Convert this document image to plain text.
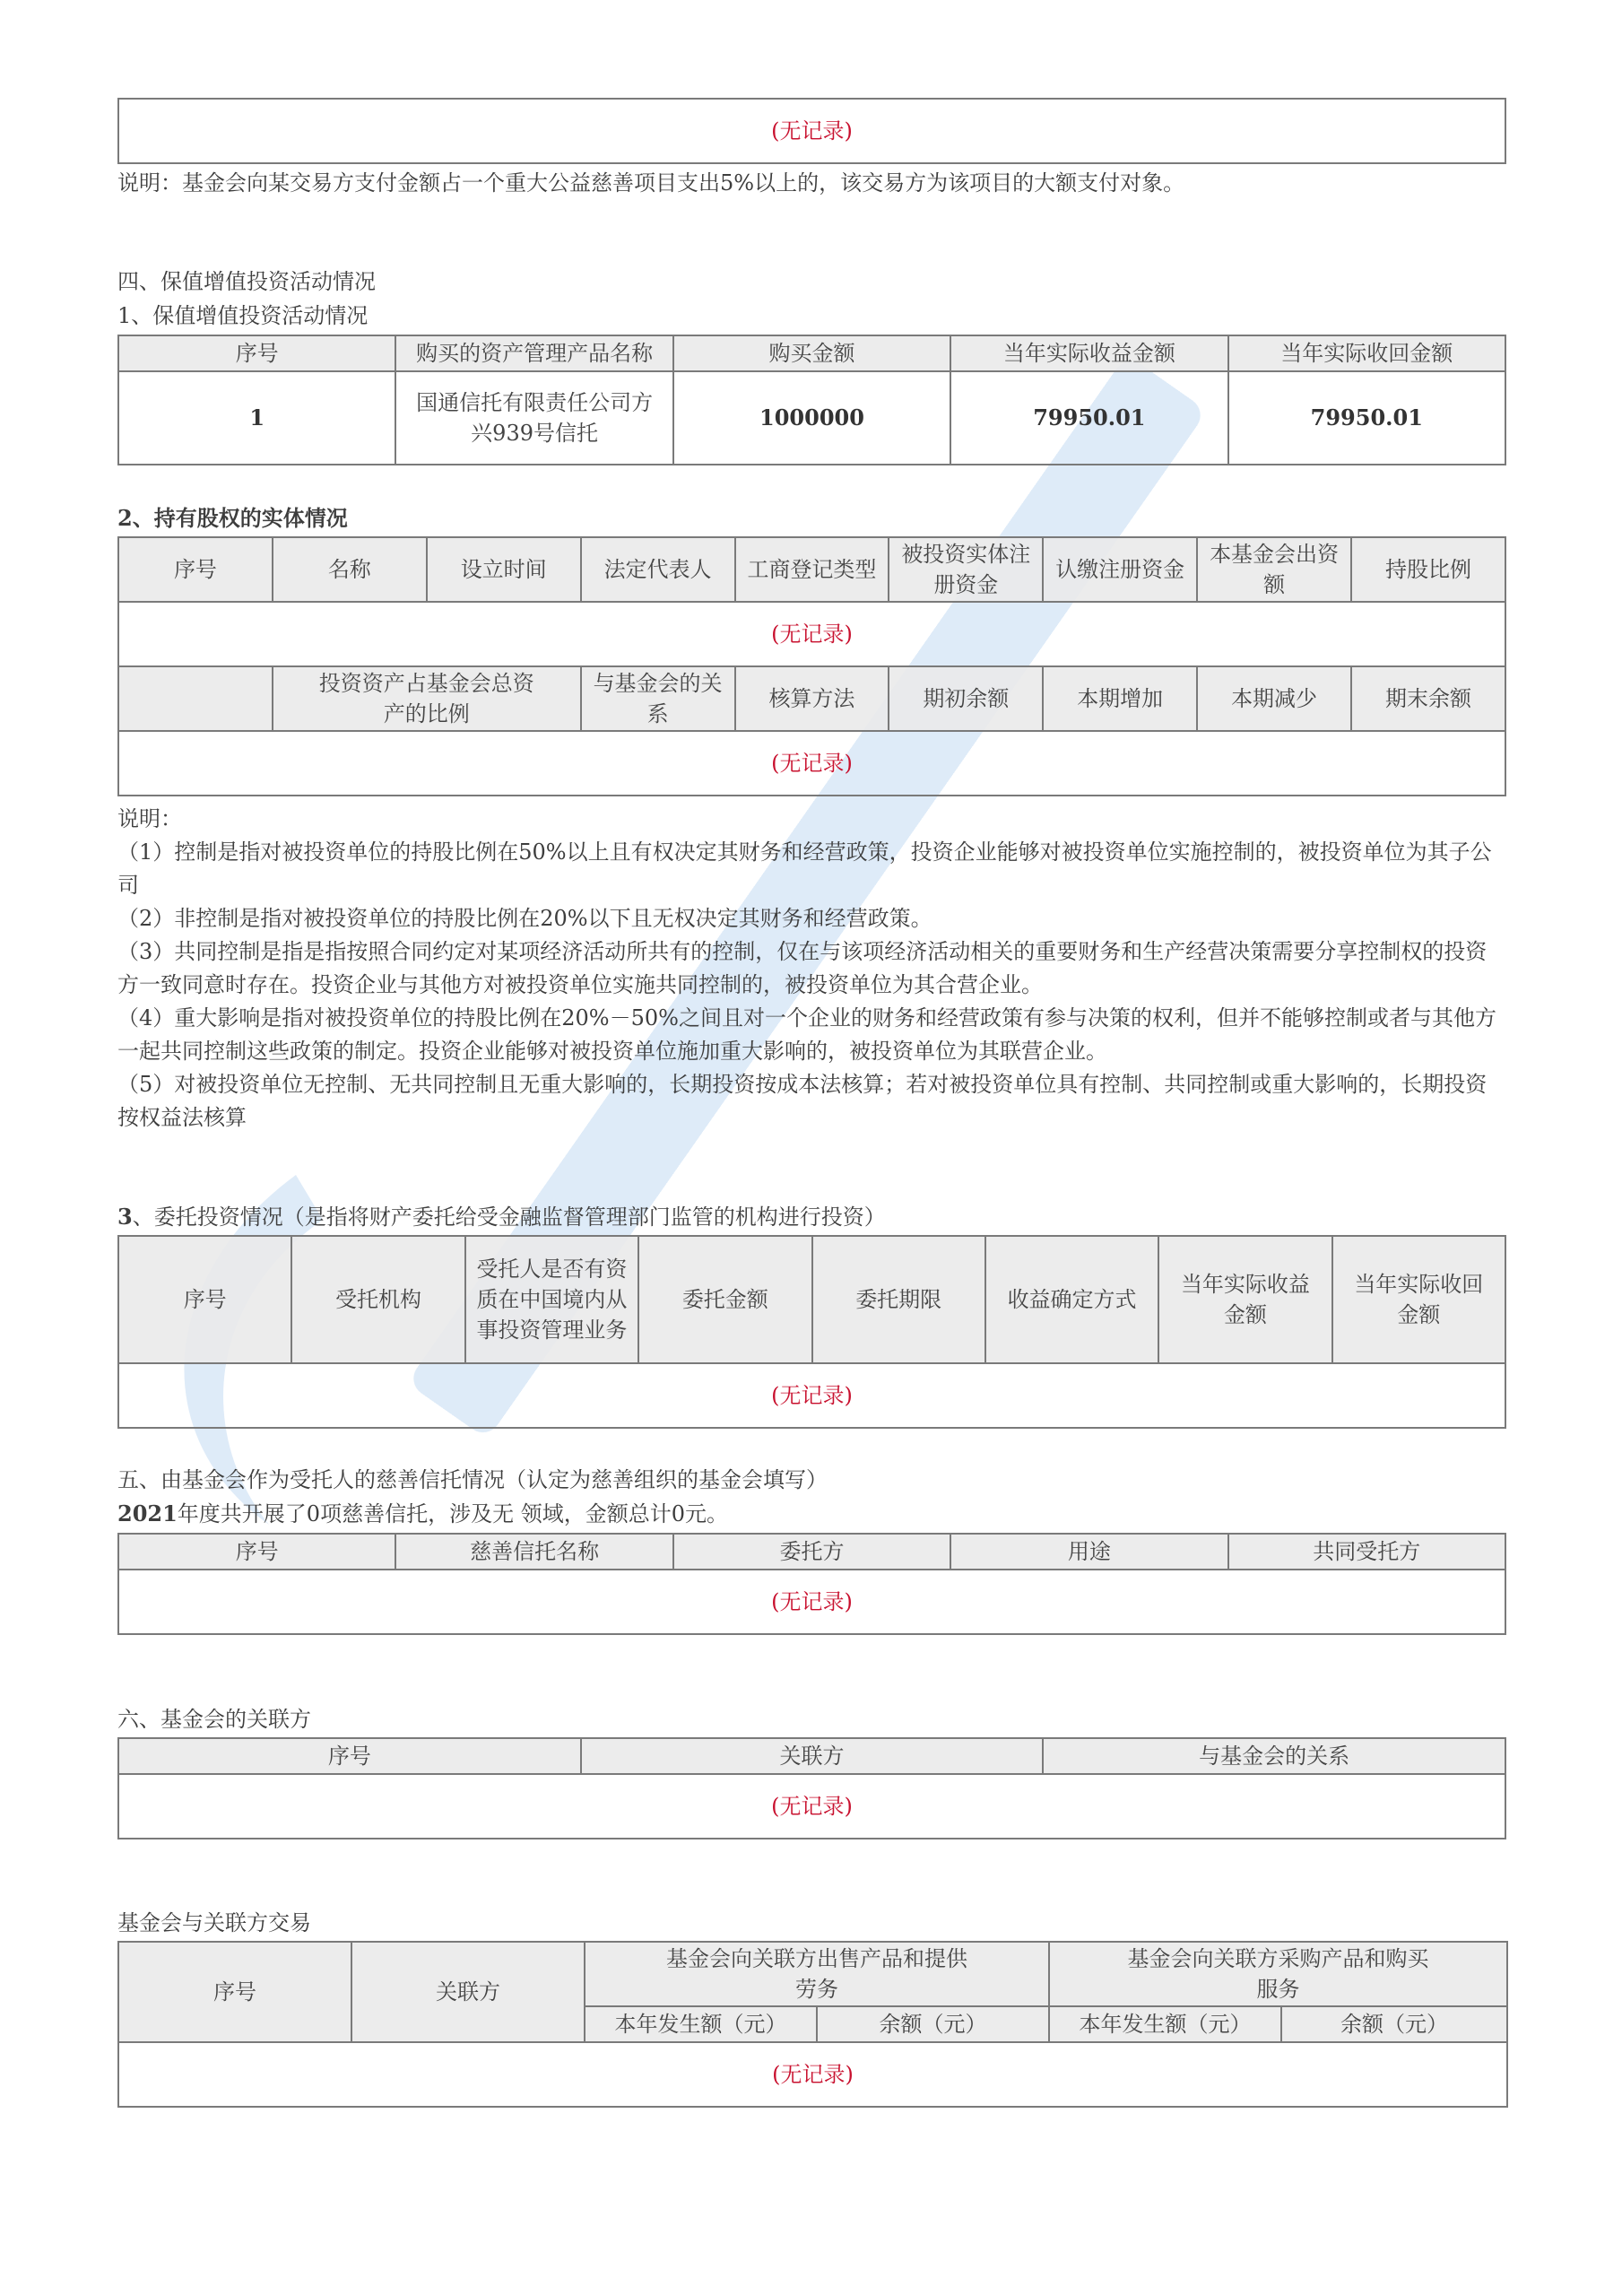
(无记录)
说明：基金会向某交易方支付金额占一个重大公益慈善项目支出5%以上的，该交易方为该项目的大额支付对象。
四、保值增值投资活动情况
1、保值增值投资活动情况
序号	购买的资产管理产品名称	购买金额	当年实际收益金额	当年实际收回金额
1	国通信托有限责任公司方兴939号信托	1000000	79950.01	79950.01
2、持有股权的实体情况
序号	名称	设立时间	法定代表人	工商登记类型	被投资实体注册资金	认缴注册资金	本基金会出资额	持股比例
(无记录)								
	投资资产占基金会总资产的比例		与基金会的关系	核算方法	期初余额	本期增加	本期减少	期末余额
(无记录)								
说明：
（1）控制是指对被投资单位的持股比例在50%以上且有权决定其财务和经营政策，投资企业能够对被投资单位实施控制的，被投资单位为其子公司
（2）非控制是指对被投资单位的持股比例在20%以下且无权决定其财务和经营政策。
（3）共同控制是指是指按照合同约定对某项经济活动所共有的控制，仅在与该项经济活动相关的重要财务和生产经营决策需要分享控制权的投资方一致同意时存在。投资企业与其他方对被投资单位实施共同控制的，被投资单位为其合营企业。
（4）重大影响是指对被投资单位的持股比例在20%－50%之间且对一个企业的财务和经营政策有参与决策的权利，但并不能够控制或者与其他方一起共同控制这些政策的制定。投资企业能够对被投资单位施加重大影响的，被投资单位为其联营企业。
（5）对被投资单位无控制、无共同控制且无重大影响的，长期投资按成本法核算；若对被投资单位具有控制、共同控制或重大影响的，长期投资按权益法核算
3、委托投资情况（是指将财产委托给受金融监督管理部门监管的机构进行投资）
序号	受托机构	受托人是否有资质在中国境内从事投资管理业务	委托金额	委托期限	收益确定方式	当年实际收益金额	当年实际收回金额
(无记录)
五、由基金会作为受托人的慈善信托情况（认定为慈善组织的基金会填写）
2021年度共开展了0项慈善信托，涉及无 领域，金额总计0元。
序号	慈善信托名称	委托方	用途	共同受托方
(无记录)
六、基金会的关联方
序号	关联方	与基金会的关系
(无记录)
基金会与关联方交易
序号	关联方	基金会向关联方出售产品和提供劳务		基金会向关联方采购产品和购买服务	
		本年发生额（元）	余额（元）	本年发生额（元）	余额（元）
(无记录)					
